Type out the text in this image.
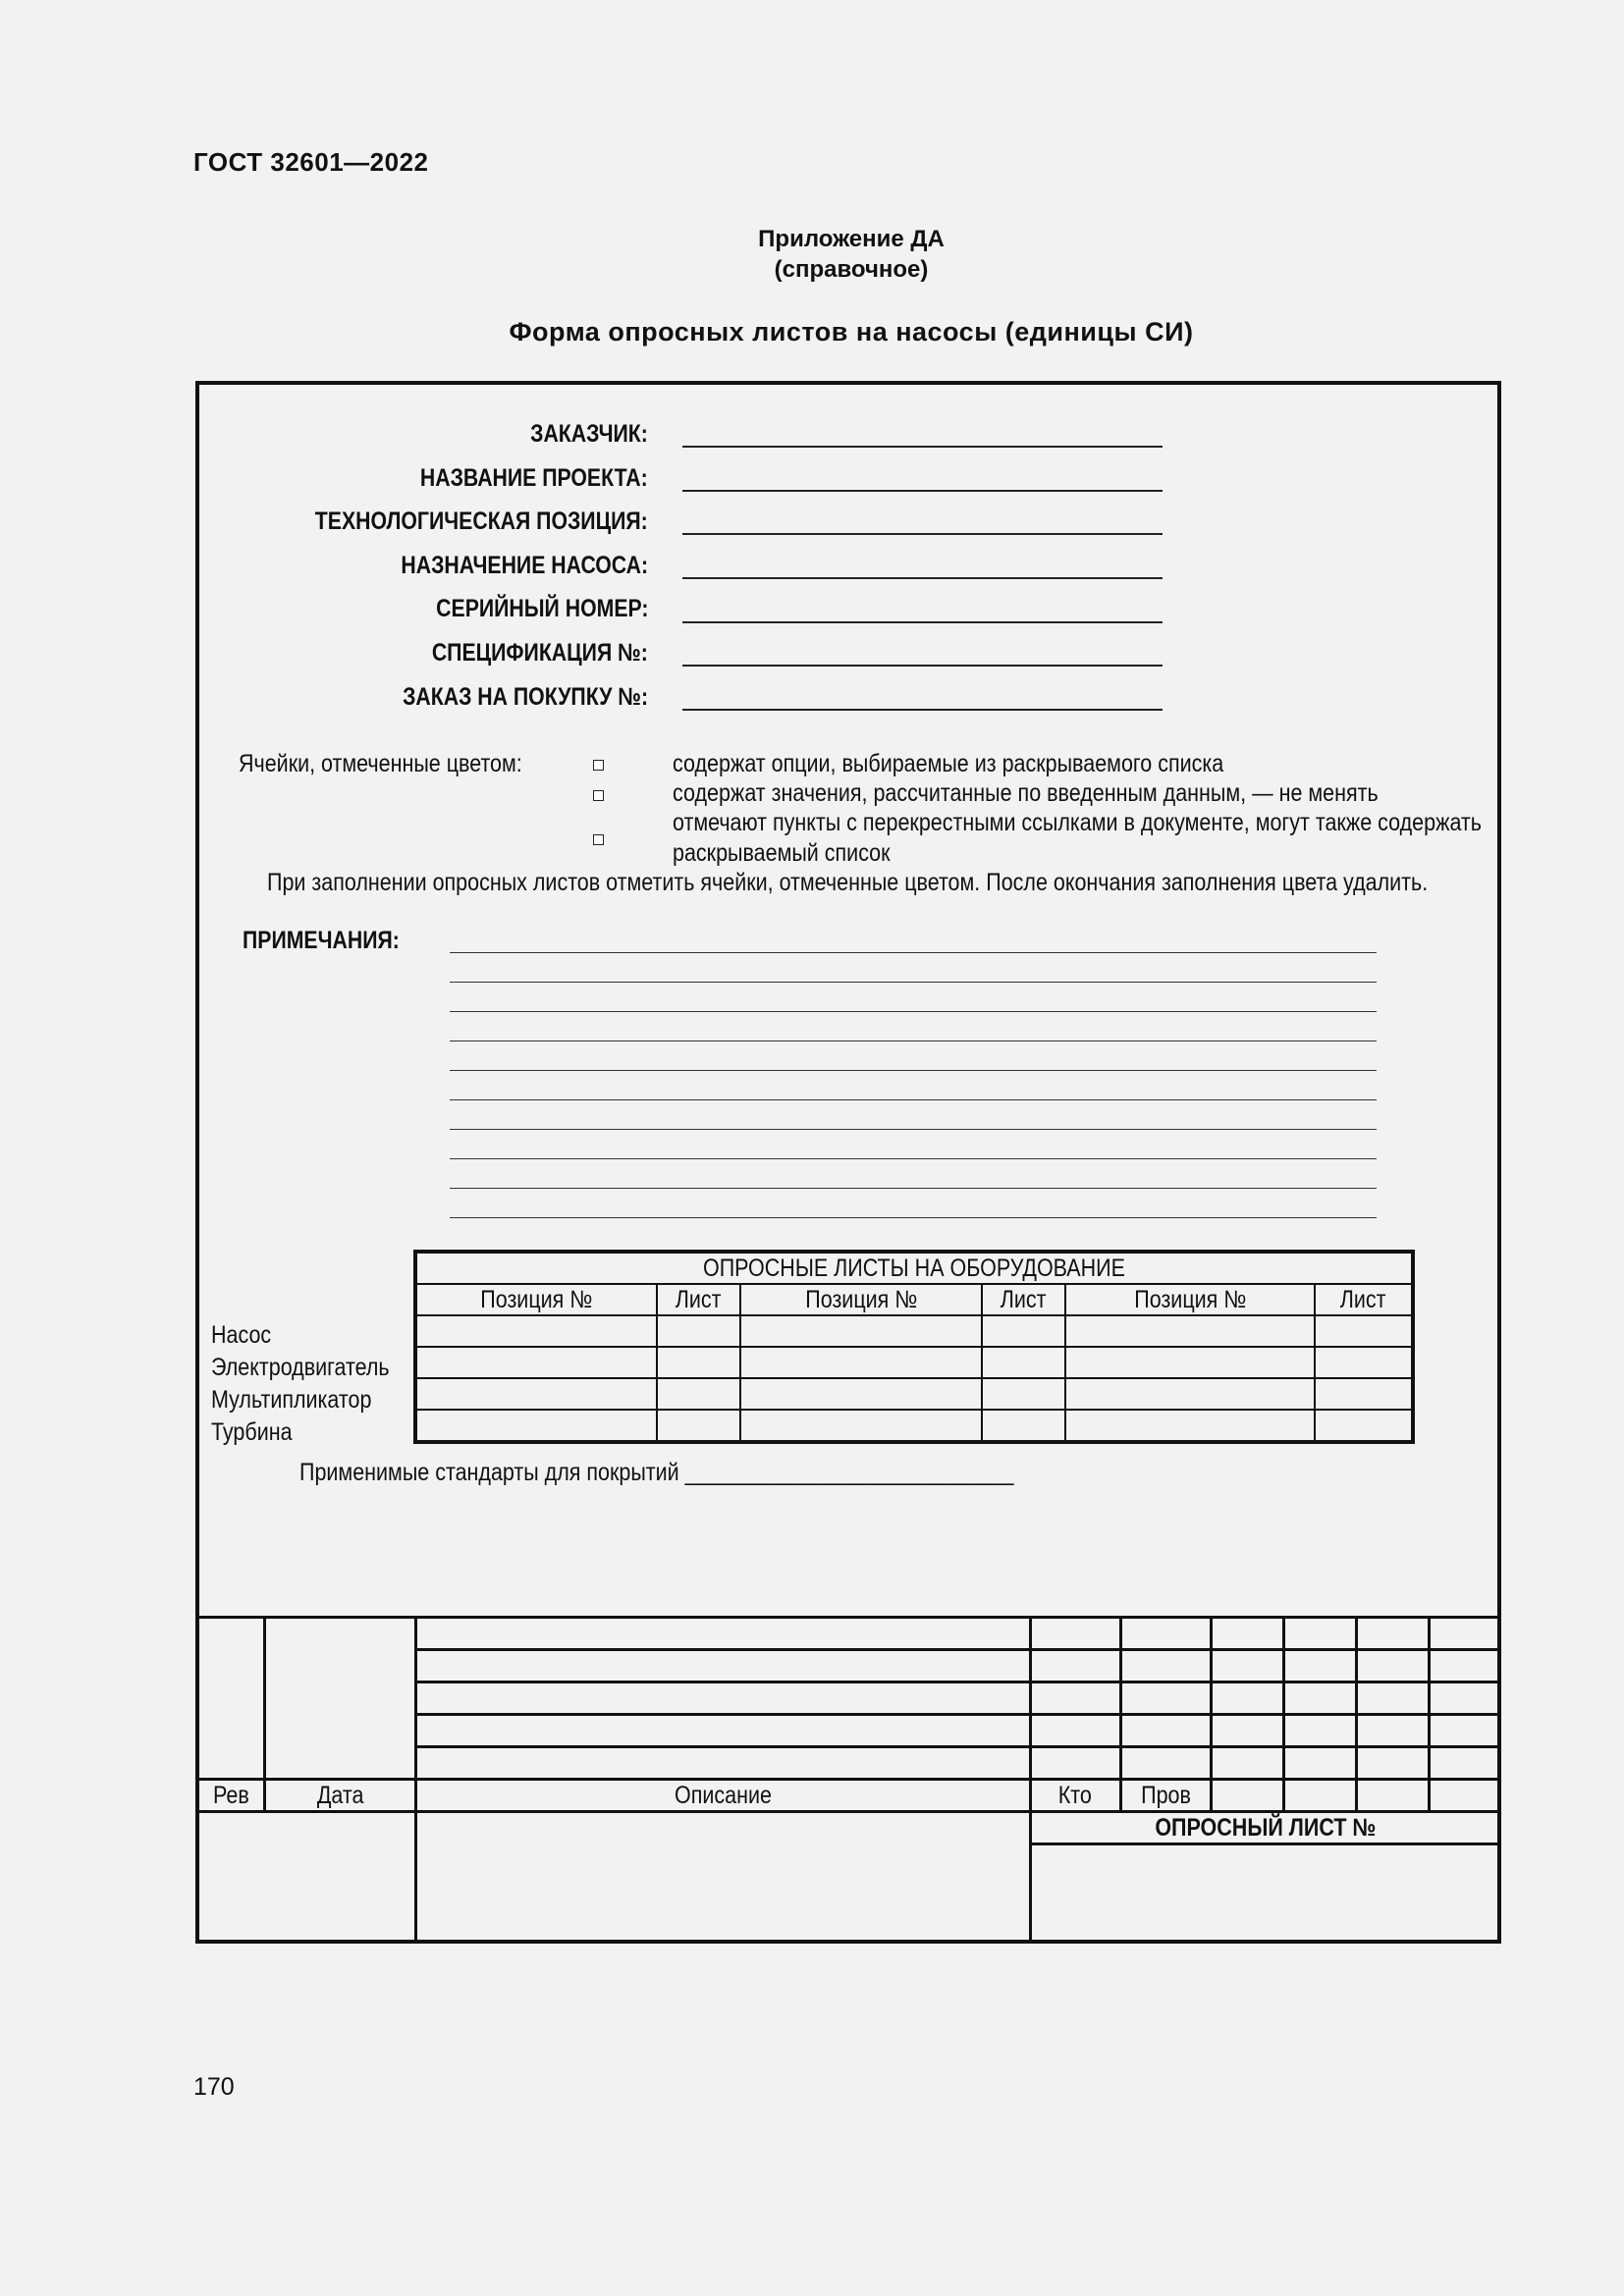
ГОСТ 32601—2022
Приложение ДА
(справочное)
Форма опросных листов на насосы (единицы СИ)
ЗАКАЗЧИК:
НАЗВАНИЕ ПРОЕКТА:
ТЕХНОЛОГИЧЕСКАЯ ПОЗИЦИЯ:
НАЗНАЧЕНИЕ НАСОСА:
СЕРИЙНЫЙ НОМЕР:
СПЕЦИФИКАЦИЯ №:
ЗАКАЗ НА ПОКУПКУ №:
Ячейки, отмеченные цветом:	содержат опции, выбираемые из раскрываемого списка
содержат значения, рассчитанные по введенным данным, — не менять
отмечают пункты с перекрестными ссылками в документе, могут также содержать
раскрываемый список
При заполнении опросных листов отметить ячейки, отмеченные цветом. После окончания заполнения цвета удалить.
ПРИМЕЧАНИЯ:
ОПРОСНЫЕ ЛИСТЫ НА ОБОРУДОВАНИЕ					
Позиция №	Лист	Позиция №	Лист	Позиция №	Лист

Насос
Электродвигатель
Мультипликатор
Турбина
Применимые стандарты для покрытий ____________________________

Рев	Дата	Описание	Кто	Пров				
			ОПРОСНЫЙ ЛИСТ №					

170
